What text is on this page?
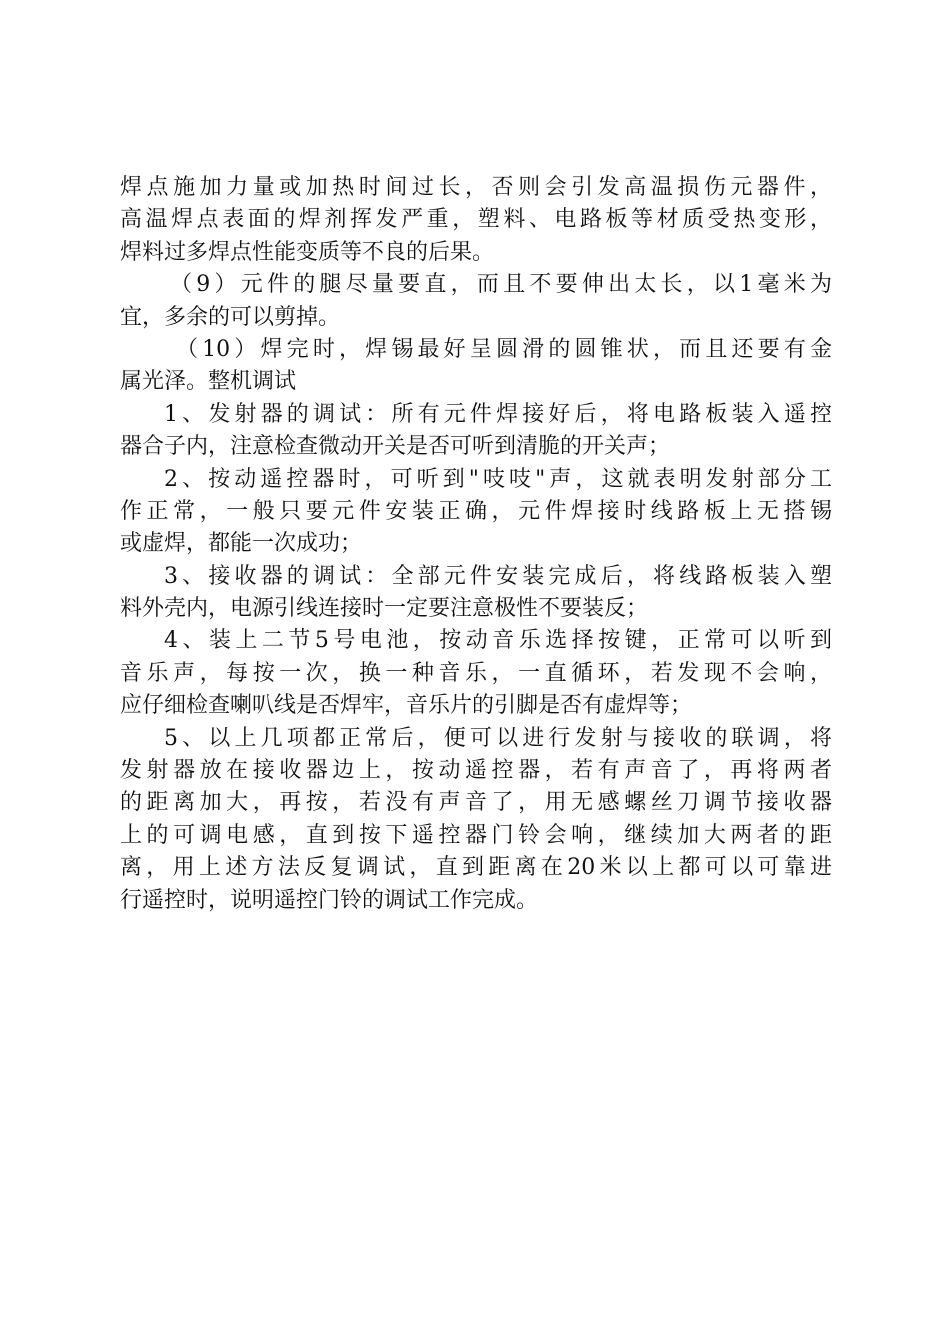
焊点施加力量或加热时间过长，否则会引发高温损伤元器件，
高温焊点表面的焊剂挥发严重，塑料、电路板等材质受热变形，
焊料过多焊点性能变质等不良的后果。
（9）元件的腿尽量要直，而且不要伸出太长，以1毫米为
宜，多余的可以剪掉。
（10）焊完时，焊锡最好呈圆滑的圆锥状，而且还要有金
属光泽。整机调试
1、发射器的调试：所有元件焊接好后，将电路板装入遥控
器合子内，注意检查微动开关是否可听到清脆的开关声；
2、按动遥控器时，可听到"吱吱"声，这就表明发射部分工
作正常，一般只要元件安装正确，元件焊接时线路板上无搭锡
或虚焊，都能一次成功；
3、接收器的调试：全部元件安装完成后，将线路板装入塑
料外壳内，电源引线连接时一定要注意极性不要装反；
4、装上二节5号电池，按动音乐选择按键，正常可以听到
音乐声，每按一次，换一种音乐，一直循环，若发现不会响，
应仔细检查喇叭线是否焊牢，音乐片的引脚是否有虚焊等；
5、以上几项都正常后，便可以进行发射与接收的联调，将
发射器放在接收器边上，按动遥控器，若有声音了，再将两者
的距离加大，再按，若没有声音了，用无感螺丝刀调节接收器
上的可调电感，直到按下遥控器门铃会响，继续加大两者的距
离，用上述方法反复调试，直到距离在20米以上都可以可靠进
行遥控时，说明遥控门铃的调试工作完成。
